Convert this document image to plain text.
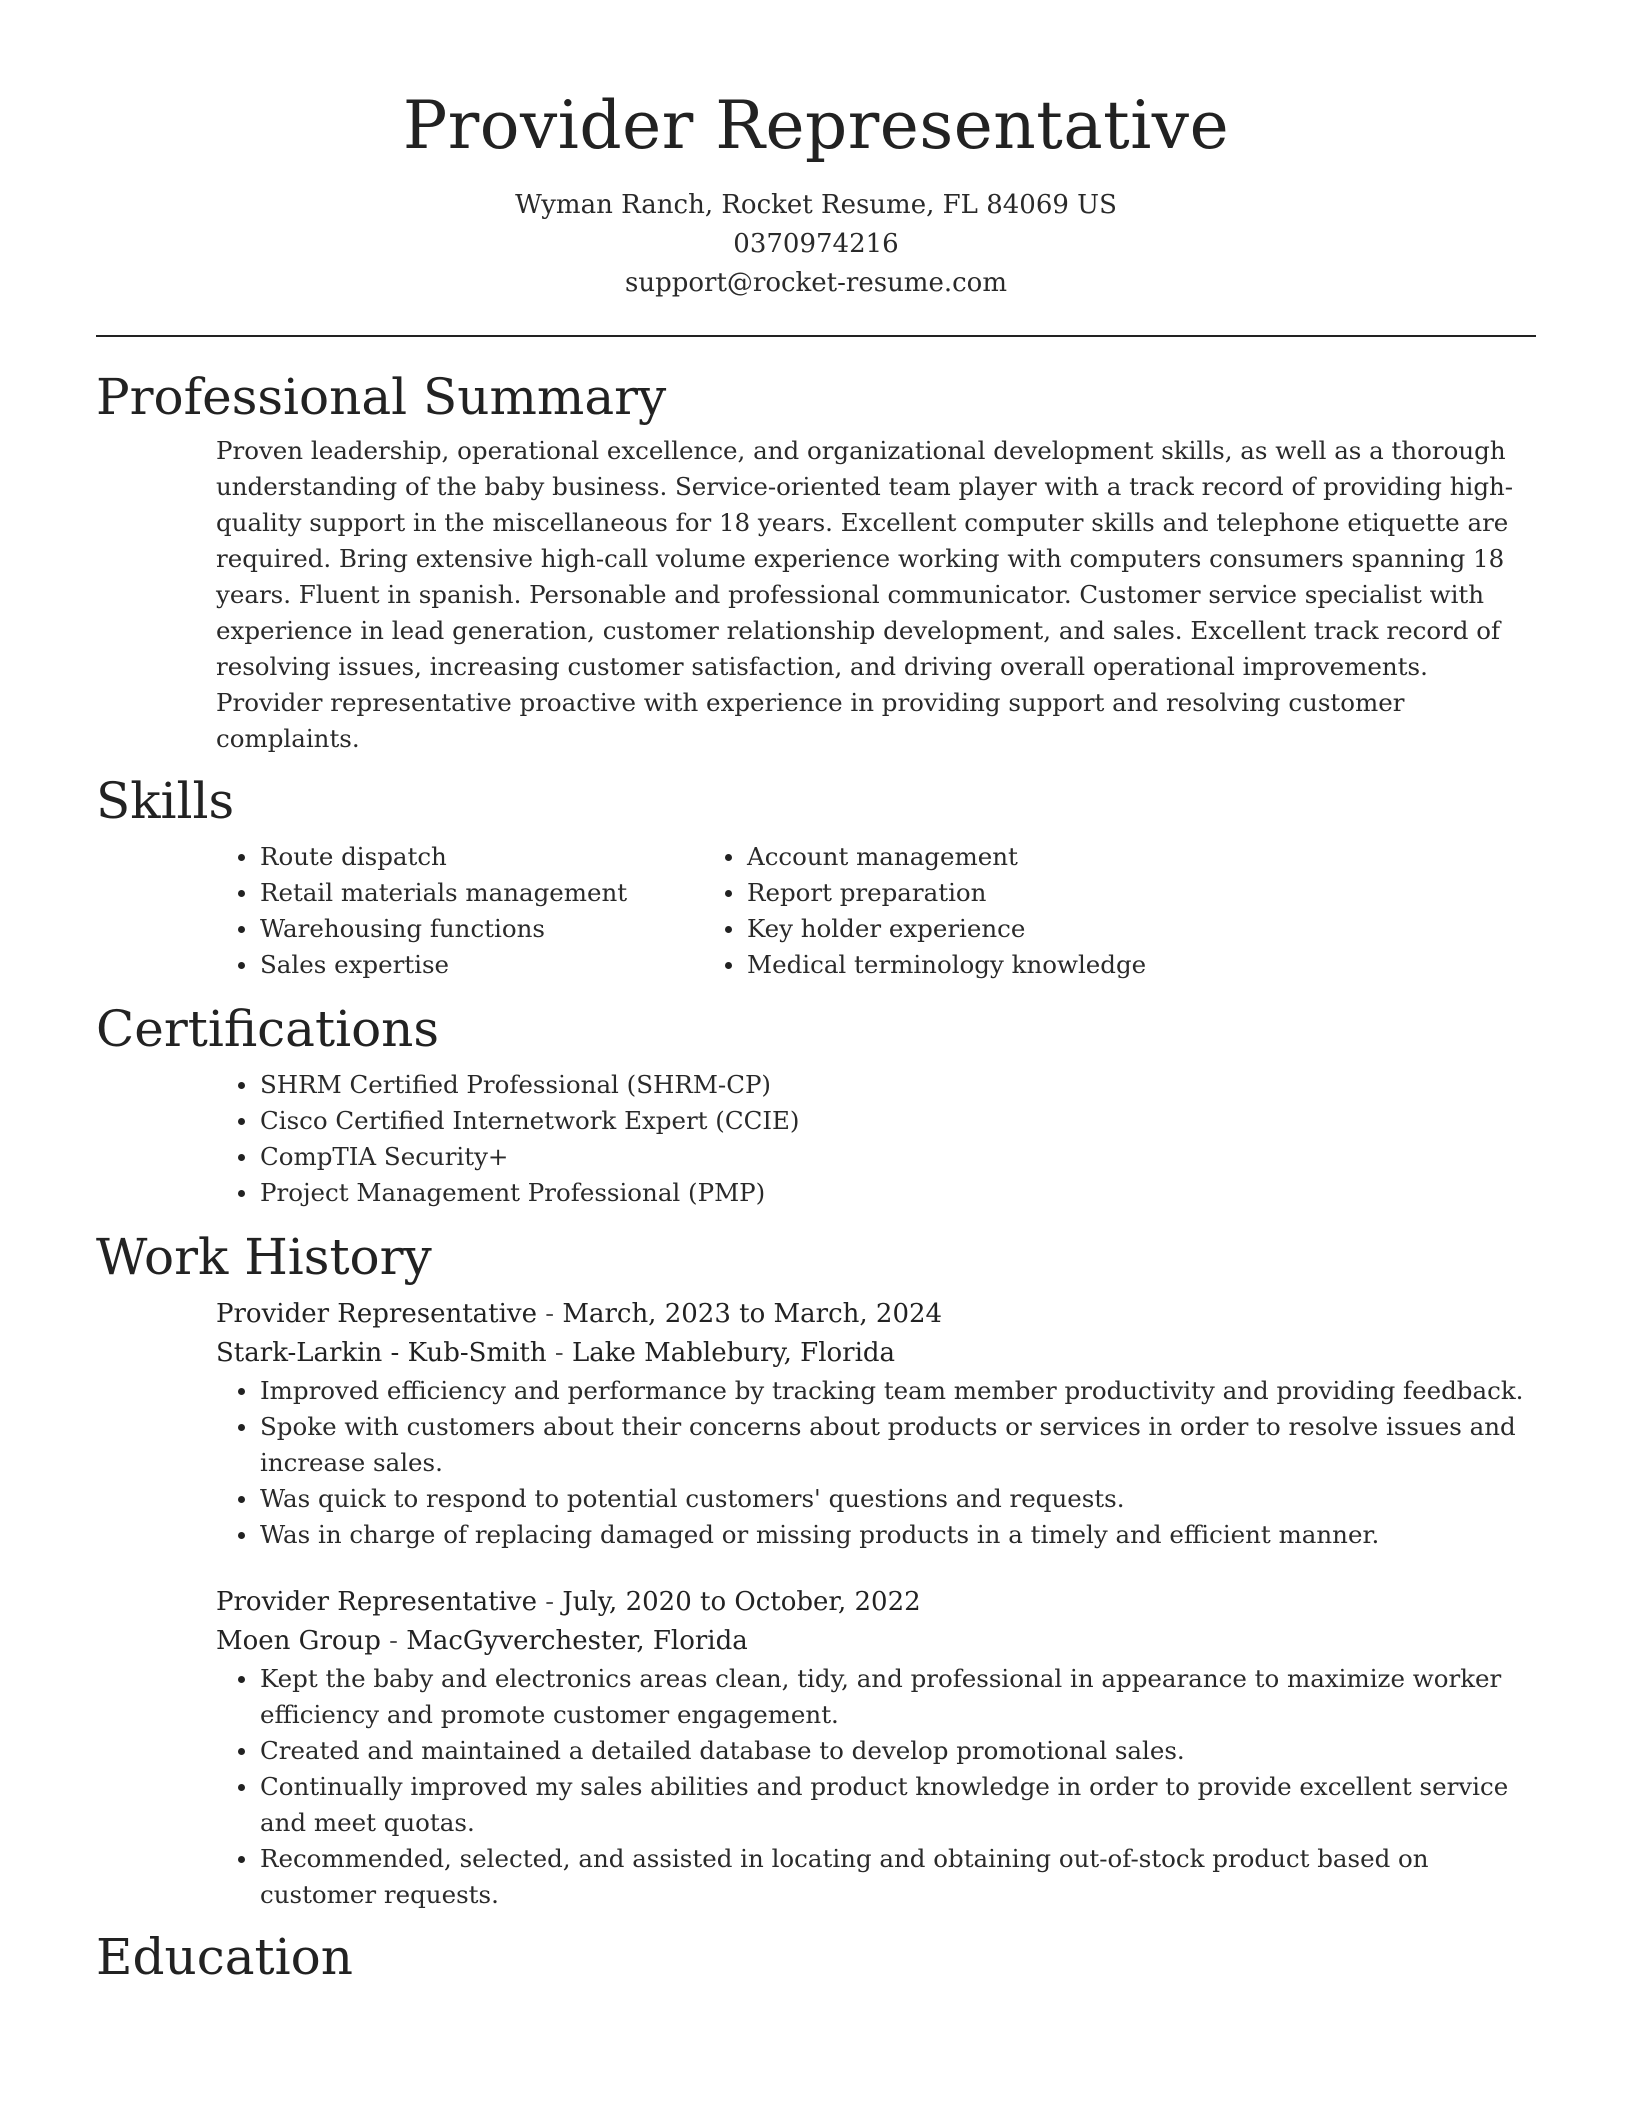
Provider Representative
Wyman Ranch, Rocket Resume, FL 84069 US
0370974216
support@rocket-resume.com
Professional Summary

Proven leadership, operational excellence, and organizational development skills, as well as a thorough understanding of the baby business. Service-oriented team player with a track record of providing high-quality support in the miscellaneous for 18 years. Excellent computer skills and telephone etiquette are required. Bring extensive high-call volume experience working with computers consumers spanning 18 years. Fluent in spanish. Personable and professional communicator. Customer service specialist with experience in lead generation, customer relationship development, and sales. Excellent track record of resolving issues, increasing customer satisfaction, and driving overall operational improvements. Provider representative proactive with experience in providing support and resolving customer complaints.

Skills
Route dispatch
Retail materials management
Warehousing functions
Sales expertise
Account management
Report preparation
Key holder experience
Medical terminology knowledge
Certifications
SHRM Certified Professional (SHRM-CP)
Cisco Certified Internetwork Expert (CCIE)
CompTIA Security+
Project Management Professional (PMP)
Work History
Provider Representative - March, 2023 to March, 2024
Stark-Larkin - Kub-Smith - Lake Mablebury, Florida
Improved efficiency and performance by tracking team member productivity and providing feedback.
Spoke with customers about their concerns about products or services in order to resolve issues and increase sales.
Was quick to respond to potential customers' questions and requests.
Was in charge of replacing damaged or missing products in a timely and efficient manner.
Provider Representative - July, 2020 to October, 2022
Moen Group - MacGyverchester, Florida
Kept the baby and electronics areas clean, tidy, and professional in appearance to maximize worker efficiency and promote customer engagement.
Created and maintained a detailed database to develop promotional sales.
Continually improved my sales abilities and product knowledge in order to provide excellent service and meet quotas.
Recommended, selected, and assisted in locating and obtaining out-of-stock product based on customer requests.
Education
